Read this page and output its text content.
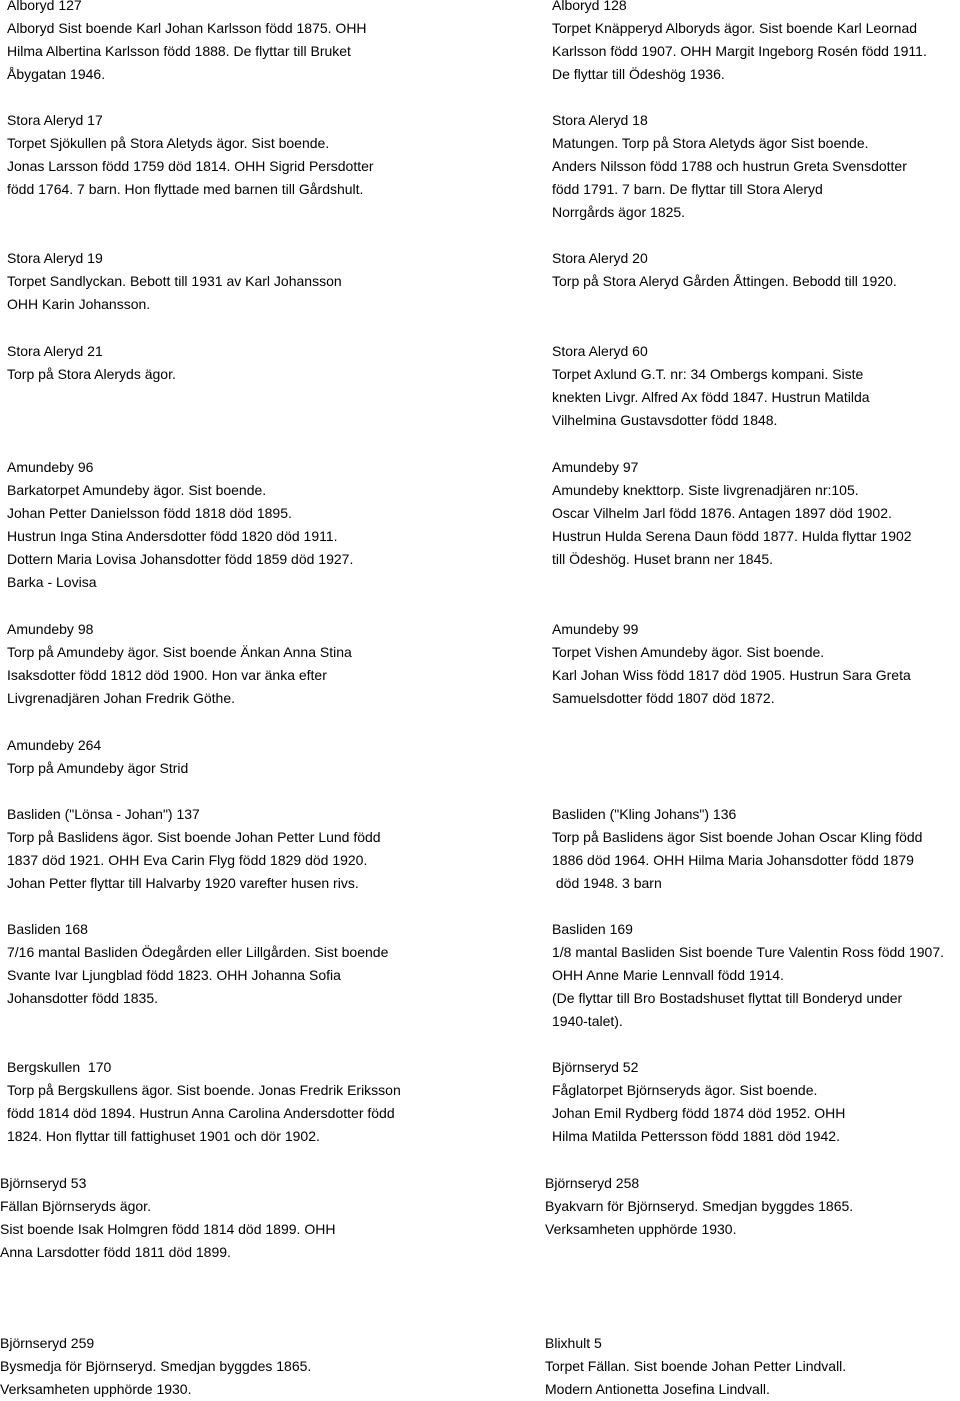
Alboryd 127
Alboryd Sist boende Karl Johan Karlsson född 1875. OHH
Hilma Albertina Karlsson född 1888. De flyttar till Bruket
Åbygatan 1946.
Alboryd 128
Torpet Knäpperyd Alboryds ägor. Sist boende Karl Leornad
Karlsson född 1907. OHH Margit Ingeborg Rosén född 1911.
De flyttar till Ödeshög 1936.
Stora Aleryd 17
Torpet Sjökullen på Stora Aletyds ägor. Sist boende.
Jonas Larsson född 1759 död 1814. OHH Sigrid Persdotter
född 1764. 7 barn. Hon flyttade med barnen till Gårdshult.
Stora Aleryd 18
Matungen. Torp på Stora Aletyds ägor Sist boende.
Anders Nilsson född 1788 och hustrun Greta Svensdotter
född 1791. 7 barn. De flyttar till Stora Aleryd
Norrgårds ägor 1825.
Stora Aleryd 19
Torpet Sandlyckan. Bebott till 1931 av Karl Johansson
OHH Karin Johansson.
Stora Aleryd 20
Torp på Stora Aleryd Gården Åttingen. Bebodd till 1920.
Stora Aleryd 21
Torp på Stora Aleryds ägor.
Stora Aleryd 60
Torpet Axlund G.T. nr: 34 Ombergs kompani. Siste
knekten Livgr. Alfred Ax född 1847. Hustrun Matilda
Vilhelmina Gustavsdotter född 1848.
Amundeby 96
Barkatorpet Amundeby ägor. Sist boende.
Johan Petter Danielsson född 1818 död 1895.
Hustrun Inga Stina Andersdotter född 1820 död 1911.
Dottern Maria Lovisa Johansdotter född 1859 död 1927.
Barka - Lovisa
Amundeby 97
Amundeby knekttorp. Siste livgrenadjären nr:105.
Oscar Vilhelm Jarl född 1876. Antagen 1897 död 1902.
Hustrun Hulda Serena Daun född 1877. Hulda flyttar 1902
till Ödeshög. Huset brann ner 1845.
Amundeby 98
Torp på Amundeby ägor. Sist boende Änkan Anna Stina
Isaksdotter född 1812 död 1900. Hon var änka efter
Livgrenadjären Johan Fredrik Göthe.
Amundeby 99
Torpet Vishen Amundeby ägor. Sist boende.
Karl Johan Wiss född 1817 död 1905. Hustrun Sara Greta
Samuelsdotter född 1807 död 1872.
Amundeby 264
Torp på Amundeby ägor Strid
Basliden ("Lönsa - Johan") 137
Torp på Baslidens ägor. Sist boende Johan Petter Lund född
1837 död 1921. OHH Eva Carin Flyg född 1829 död 1920.
Johan Petter flyttar till Halvarby 1920 varefter husen rivs.
Basliden ("Kling Johans") 136
Torp på Baslidens ägor Sist boende Johan Oscar Kling född
1886 död 1964. OHH Hilma Maria Johansdotter född 1879
död 1948. 3 barn
Basliden 168
7/16 mantal Basliden Ödegården eller Lillgården. Sist boende
Svante Ivar Ljungblad född 1823. OHH Johanna Sofia
Johansdotter född 1835.
Basliden 169
1/8 mantal Basliden Sist boende Ture Valentin Ross född 1907.
OHH Anne Marie Lennvall född 1914.
(De flyttar till Bro Bostadshuset flyttat till Bonderyd under
1940-talet).
Bergskullen  170
Torp på Bergskullens ägor. Sist boende. Jonas Fredrik Eriksson
född 1814 död 1894. Hustrun Anna Carolina Andersdotter född
1824. Hon flyttar till fattighuset 1901 och dör 1902.
Björnseryd 52
Fåglatorpet Björnseryds ägor. Sist boende.
Johan Emil Rydberg född 1874 död 1952. OHH
Hilma Matilda Pettersson född 1881 död 1942.
Björnseryd 53
Fällan Björnseryds ägor.
Sist boende Isak Holmgren född 1814 död 1899. OHH
Anna Larsdotter född 1811 död 1899.
Björnseryd 258
Byakvarn för Björnseryd. Smedjan byggdes 1865.
Verksamheten upphörde 1930.
Björnseryd 259
Bysmedja för Björnseryd. Smedjan byggdes 1865.
Verksamheten upphörde 1930.
Blixhult 5
Torpet Fällan. Sist boende Johan Petter Lindvall.
Modern Antionetta Josefina Lindvall.
